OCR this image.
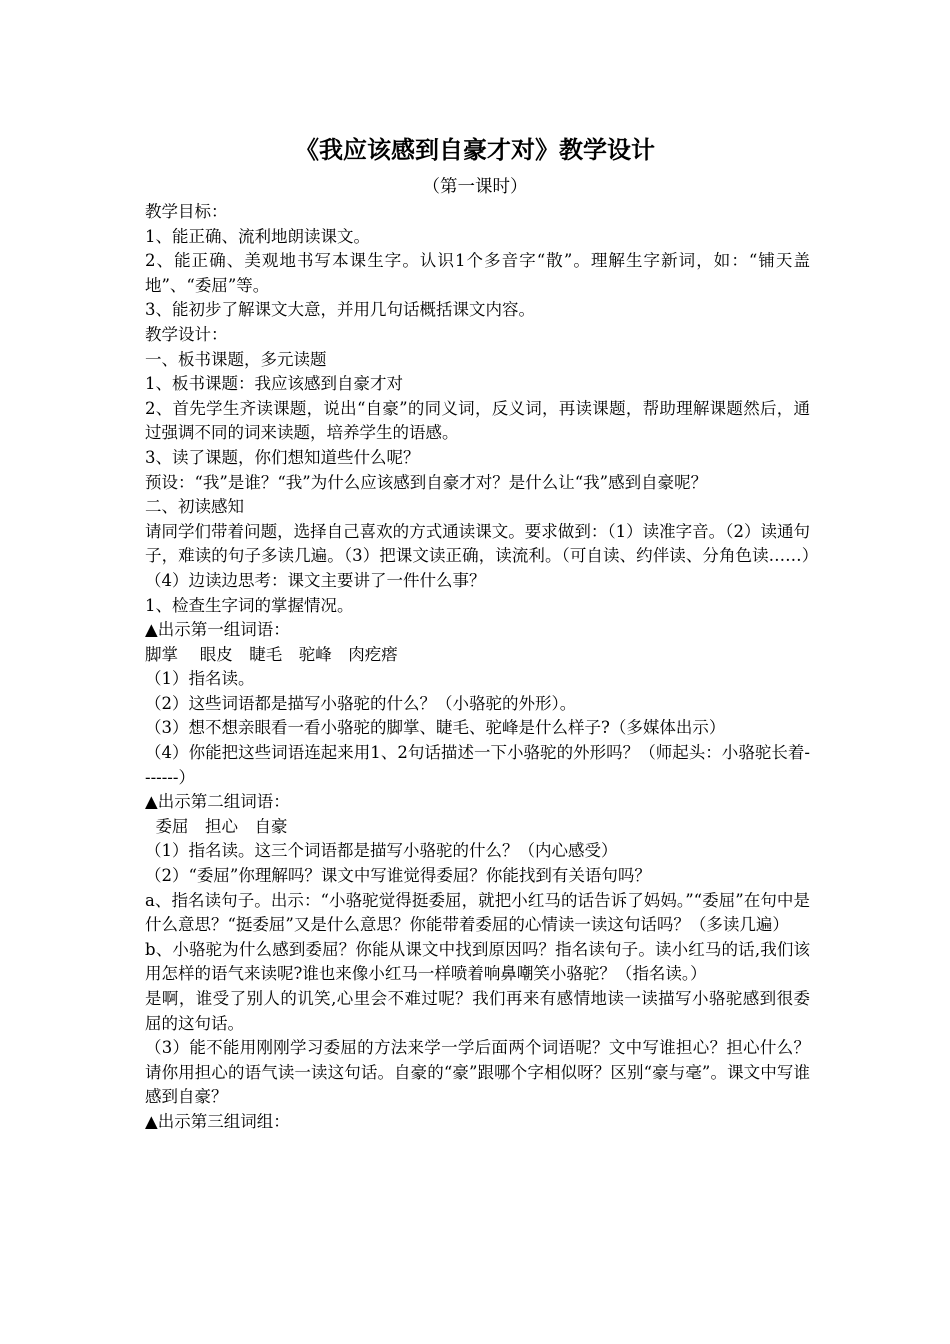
《我应该感到自豪才对》教学设计
（第一课时）

教学目标：

1、能正确、流利地朗读课文。

2、能正确、美观地书写本课生字。认识1个多音字“散”。理解生字新词，如：“铺天盖地”、“委屈”等。

3、能初步了解课文大意，并用几句话概括课文内容。

教学设计：

一、板书课题，多元读题

1、板书课题：我应该感到自豪才对

2、首先学生齐读课题，说出“自豪”的同义词，反义词，再读课题，帮助理解课题然后，通过强调不同的词来读题，培养学生的语感。

3、读了课题，你们想知道些什么呢？

预设：“我”是谁？“我”为什么应该感到自豪才对？是什么让“我”感到自豪呢？

二、初读感知

请同学们带着问题，选择自己喜欢的方式通读课文。要求做到：（1）读准字音。（2）读通句子，难读的句子多读几遍。（3）把课文读正确，读流利。（可自读、约伴读、分角色读……）（4）边读边思考：课文主要讲了一件什么事？

1、检查生字词的掌握情况。

▲出示第一组词语：

脚掌　 眼皮　睫毛　驼峰　肉疙瘩

（1）指名读。

（2）这些词语都是描写小骆驼的什么？（小骆驼的外形）。

（3）想不想亲眼看一看小骆驼的脚掌、睫毛、驼峰是什么样子?（多媒体出示）

（4）你能把这些词语连起来用1、2句话描述一下小骆驼的外形吗？（师起头：小骆驼长着-------）

▲出示第二组词语：

委屈　担心　自豪

（1）指名读。这三个词语都是描写小骆驼的什么？（内心感受）

（2）“委屈”你理解吗？课文中写谁觉得委屈？你能找到有关语句吗？

a、指名读句子。出示：“小骆驼觉得挺委屈，就把小红马的话告诉了妈妈。”“委屈”在句中是什么意思？“挺委屈”又是什么意思？你能带着委屈的心情读一读这句话吗？（多读几遍）

b、小骆驼为什么感到委屈？你能从课文中找到原因吗？指名读句子。读小红马的话,我们该用怎样的语气来读呢?谁也来像小红马一样喷着响鼻嘲笑小骆驼？（指名读。）

是啊，谁受了别人的讥笑,心里会不难过呢？我们再来有感情地读一读描写小骆驼感到很委屈的这句话。

（3）能不能用刚刚学习委屈的方法来学一学后面两个词语呢？文中写谁担心？担心什么？请你用担心的语气读一读这句话。自豪的“豪”跟哪个字相似呀？区别“豪与毫”。课文中写谁感到自豪？

▲出示第三组词组：
